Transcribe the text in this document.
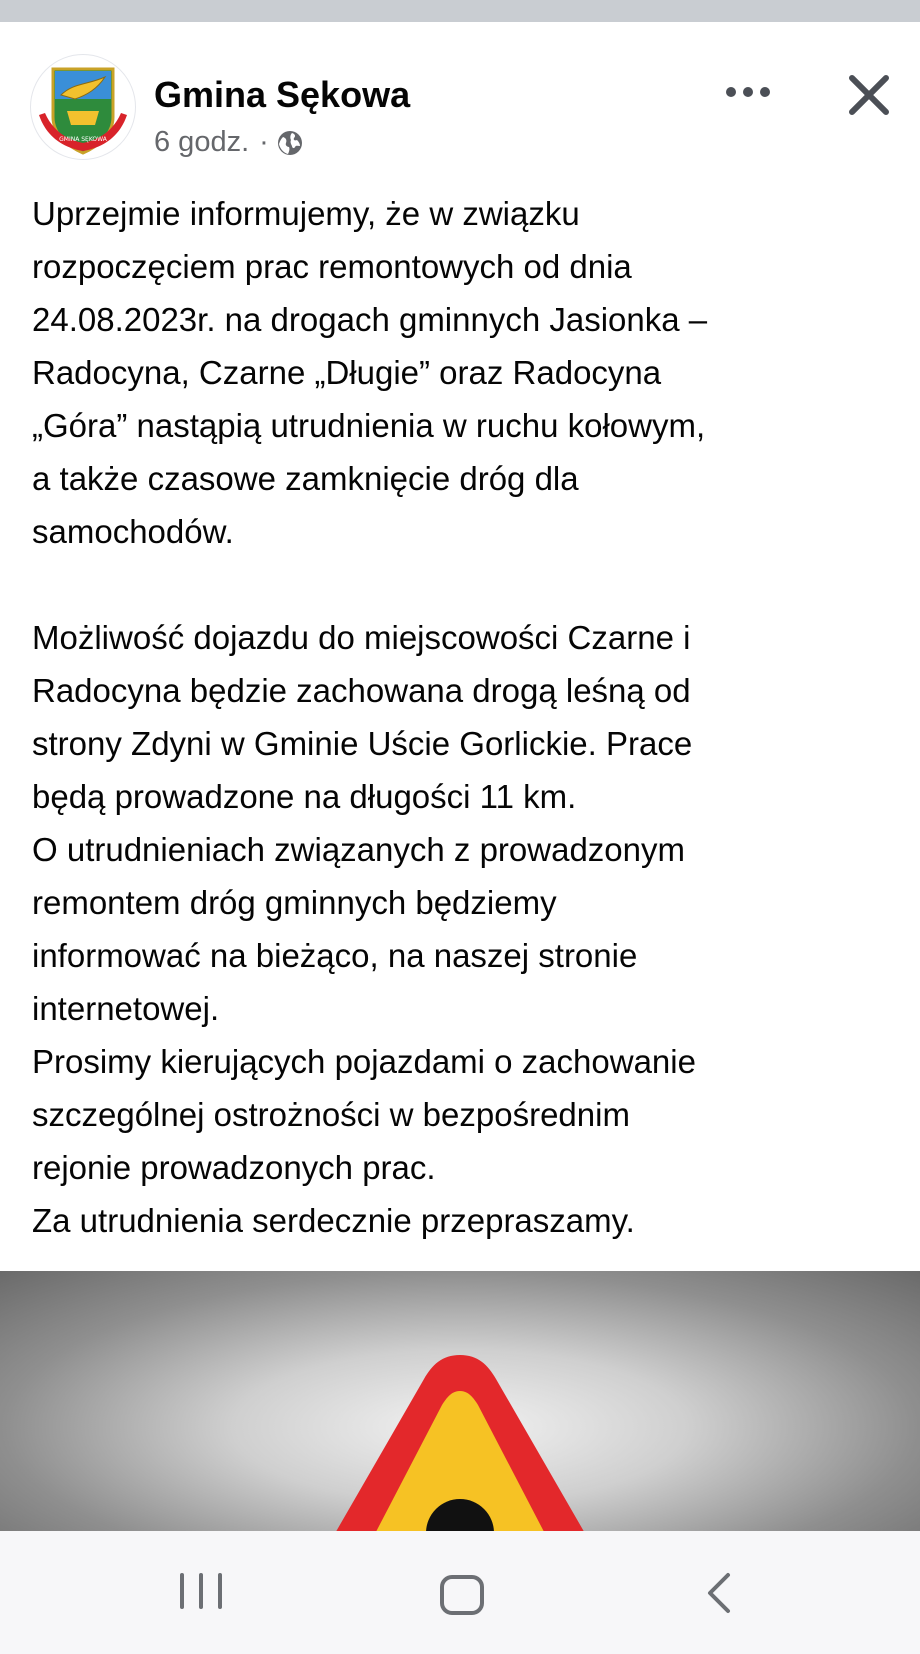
GMINA SĘKOWA
Gmina Sękowa
6 godz. ·

Uprzejmie informujemy, że w związku
rozpoczęciem prac remontowych od dnia
24.08.2023r. na drogach gminnych Jasionka –
Radocyna, Czarne „Długie” oraz Radocyna
„Góra” nastąpią utrudnienia w ruchu kołowym,
a także czasowe zamknięcie dróg dla
samochodów.

Możliwość dojazdu do miejscowości Czarne i
Radocyna będzie zachowana drogą leśną od
strony Zdyni w Gminie Uście Gorlickie. Prace
będą prowadzone na długości 11 km.
O utrudnieniach związanych z prowadzonym
remontem dróg gminnych będziemy
informować na bieżąco, na naszej stronie
internetowej.
Prosimy kierujących pojazdami o zachowanie
szczególnej ostrożności w bezpośrednim
rejonie prowadzonych prac.
Za utrudnienia serdecznie przepraszamy.
